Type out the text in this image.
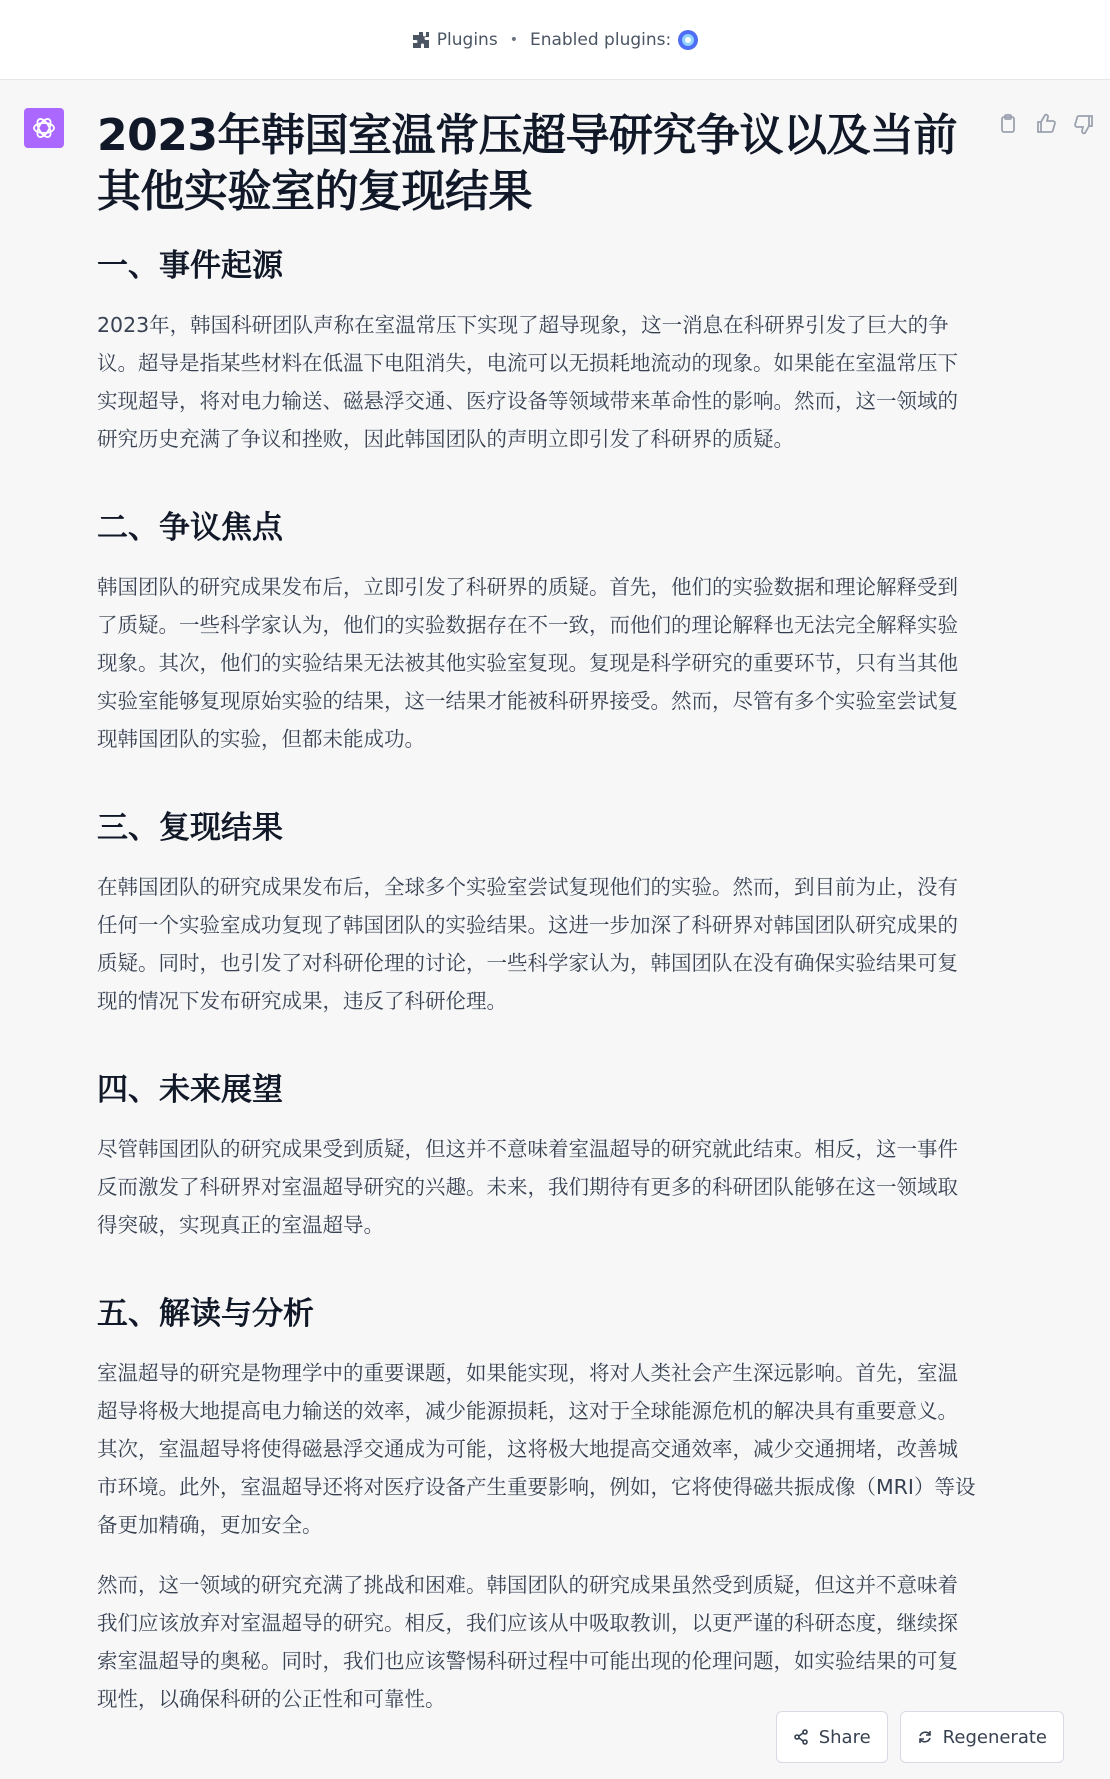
Plugins • Enabled plugins:
2023年韩国室温常压超导研究争议以及当前其他实验室的复现结果
一、事件起源

2023年，韩国科研团队声称在室温常压下实现了超导现象，这一消息在科研界引发了巨大的争议。超导是指某些材料在低温下电阻消失，电流可以无损耗地流动的现象。如果能在室温常压下实现超导，将对电力输送、磁悬浮交通、医疗设备等领域带来革命性的影响。然而，这一领域的研究历史充满了争议和挫败，因此韩国团队的声明立即引发了科研界的质疑。

二、争议焦点

韩国团队的研究成果发布后，立即引发了科研界的质疑。首先，他们的实验数据和理论解释受到了质疑。一些科学家认为，他们的实验数据存在不一致，而他们的理论解释也无法完全解释实验现象。其次，他们的实验结果无法被其他实验室复现。复现是科学研究的重要环节，只有当其他实验室能够复现原始实验的结果，这一结果才能被科研界接受。然而，尽管有多个实验室尝试复现韩国团队的实验，但都未能成功。

三、复现结果

在韩国团队的研究成果发布后，全球多个实验室尝试复现他们的实验。然而，到目前为止，没有任何一个实验室成功复现了韩国团队的实验结果。这进一步加深了科研界对韩国团队研究成果的质疑。同时，也引发了对科研伦理的讨论，一些科学家认为，韩国团队在没有确保实验结果可复现的情况下发布研究成果，违反了科研伦理。

四、未来展望

尽管韩国团队的研究成果受到质疑，但这并不意味着室温超导的研究就此结束。相反，这一事件反而激发了科研界对室温超导研究的兴趣。未来，我们期待有更多的科研团队能够在这一领域取得突破，实现真正的室温超导。

五、解读与分析

室温超导的研究是物理学中的重要课题，如果能实现，将对人类社会产生深远影响。首先，室温超导将极大地提高电力输送的效率，减少能源损耗，这对于全球能源危机的解决具有重要意义。其次，室温超导将使得磁悬浮交通成为可能，这将极大地提高交通效率，减少交通拥堵，改善城市环境。此外，室温超导还将对医疗设备产生重要影响，例如，它将使得磁共振成像（MRI）等设备更加精确，更加安全。

然而，这一领域的研究充满了挑战和困难。韩国团队的研究成果虽然受到质疑，但这并不意味着我们应该放弃对室温超导的研究。相反，我们应该从中吸取教训，以更严谨的科研态度，继续探索室温超导的奥秘。同时，我们也应该警惕科研过程中可能出现的伦理问题，如实验结果的可复现性，以确保科研的公正性和可靠性。

Share	Regenerate
